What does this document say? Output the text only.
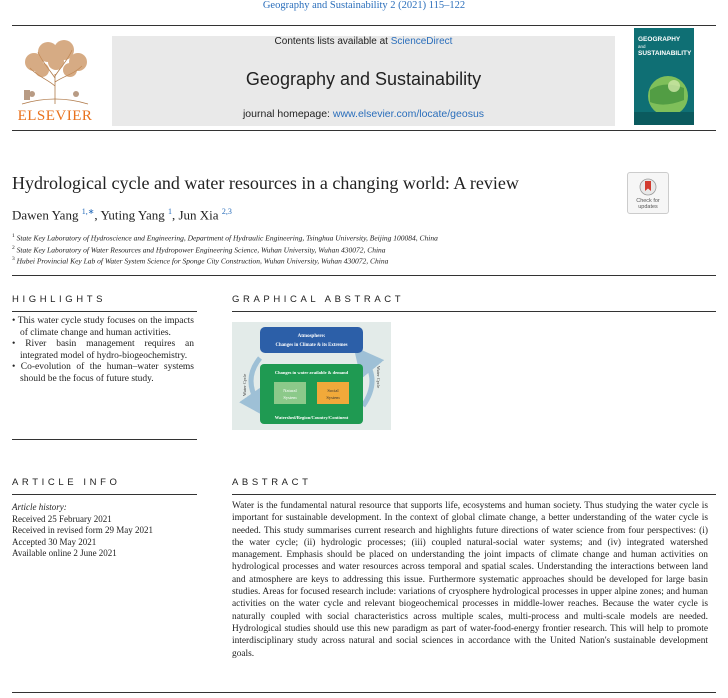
Geography and Sustainability 2 (2021) 115–122
ELSEVIER
Contents lists available at ScienceDirect
Geography and Sustainability
journal homepage: www.elsevier.com/locate/geosus
GEOGRAPHY
and
SUSTAINABILITY
Hydrological cycle and water resources in a changing world: A review
Check for updates
Dawen Yang $^{1,∗}$, Yuting Yang $^1$, Jun Xia $^{2,3}$
$^1$ State Key Laboratory of Hydroscience and Engineering, Department of Hydraulic Engineering, Tsinghua University, Beijing 100084, China
$^2$ State Key Laboratory of Water Resources and Hydropower Engineering Science, Wuhan University, Wuhan 430072, China
$^3$ Hubei Provincial Key Lab of Water System Science for Sponge City Construction, Wuhan University, Wuhan 430072, China
HIGHLIGHTS
• This water cycle study focuses on the impacts of climate change and human activities.
• River basin management requires an integrated model of hydro-biogeochemistry.
• Co-evolution of the human–water systems should be the focus of future study.
GRAPHICAL ABSTRACT
Atmosphere:
Changes in Climate & its Extremes
Changes in water available & demand
Natural
System
Social
System
Watershed/Region/Country/Continent
Water Cycle	Water Cycle
ARTICLE INFO
Article history:
Received 25 February 2021
Received in revised form 29 May 2021
Accepted 30 May 2021
Available online 2 June 2021
ABSTRACT
Water is the fundamental natural resource that supports life, ecosystems and human society. Thus studying the water cycle is important for sustainable development. In the context of global climate change, a better understanding of the water cycle is needed. This study summarises current research and highlights future directions of water science from four perspectives: (i) the water cycle; (ii) hydrologic processes; (iii) coupled natural-social water systems; and (iv) integrated watershed management. Emphasis should be placed on understanding the joint impacts of climate change and human activities on hydrological processes and water resources across temporal and spatial scales. Understanding the interactions between land and atmosphere are keys to addressing this issue. Furthermore systematic approaches should be developed for large basin studies. Areas for focused research include: variations of cryosphere hydrological processes in upper alpine zones; and human activities on the water cycle and relevant biogeochemical processes in middle-lower reaches. Because the water cycle is naturally coupled with social characteristics across multiple scales, multi-process and multi-scale models are needed. Hydrological studies should use this new paradigm as part of water-food-energy frontier research. This will help to promote interdisciplinary study across natural and social sciences in accordance with the United Nation's sustainable development goals.
